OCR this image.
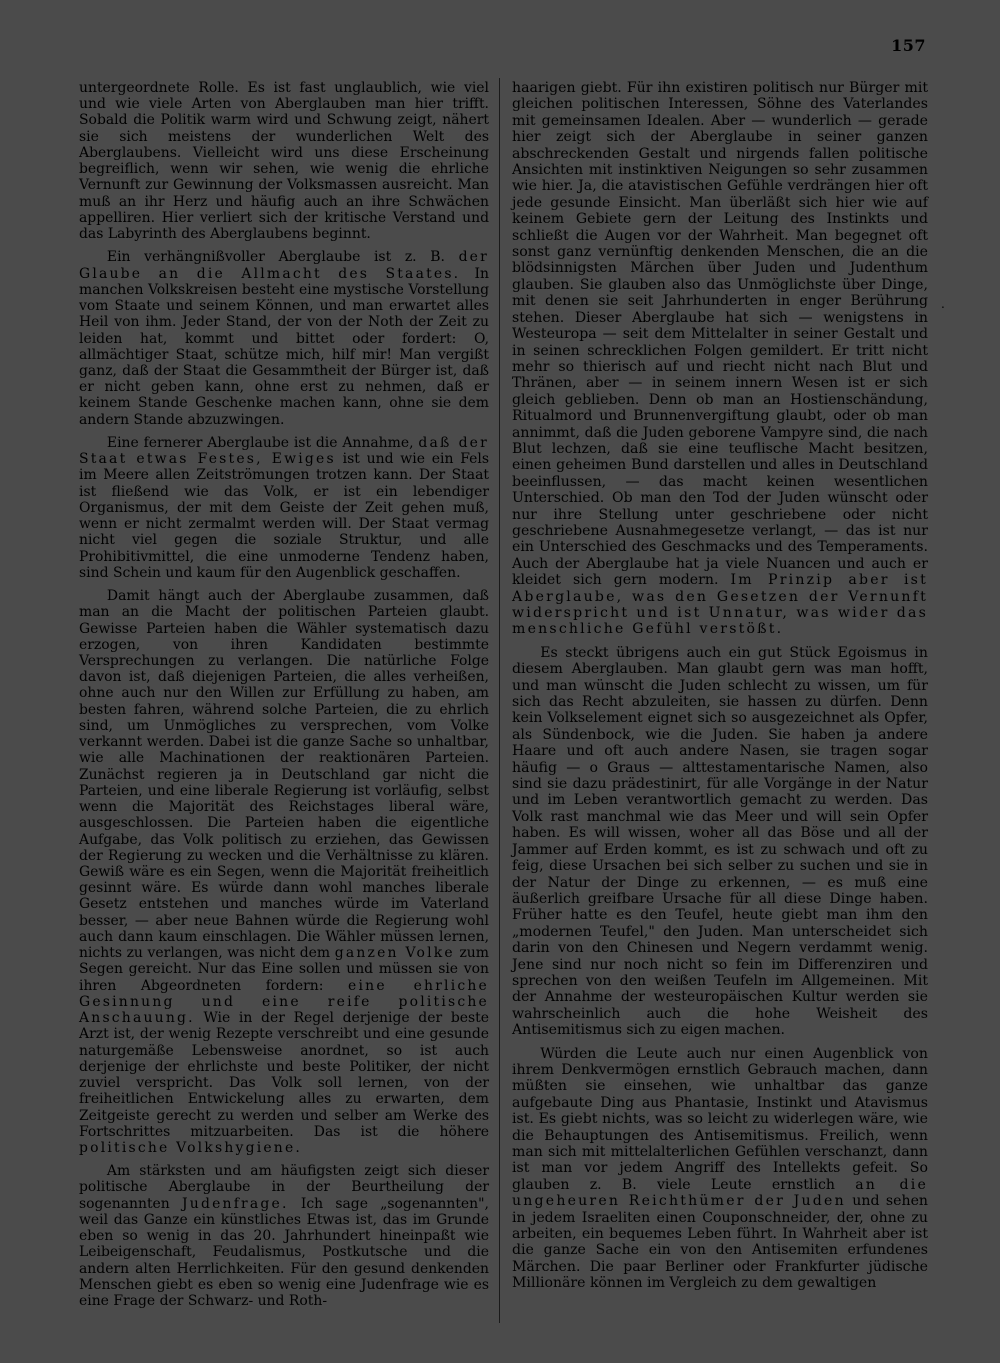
157
.

untergeordnete Rolle. Es ist fast unglaublich, wie viel und wie viele Arten von Aberglauben man hier trifft. Sobald die Politik warm wird und Schwung zeigt, nähert sie sich meistens der wunderlichen Welt des Aberglaubens. Vielleicht wird uns diese Erscheinung begreiflich, wenn wir sehen, wie wenig die ehrliche Vernunft zur Gewinnung der Volksmassen ausreicht. Man muß an ihr Herz und häufig auch an ihre Schwächen appelliren. Hier verliert sich der kritische Verstand und das Labyrinth des Aberglaubens beginnt.

Ein verhängnißvoller Aberglaube ist z. B. der Glaube an die Allmacht des Staates. In manchen Volkskreisen besteht eine mystische Vorstellung vom Staate und seinem Können, und man erwartet alles Heil von ihm. Jeder Stand, der von der Noth der Zeit zu leiden hat, kommt und bittet oder fordert: O, allmächtiger Staat, schütze mich, hilf mir! Man vergißt ganz, daß der Staat die Gesammtheit der Bürger ist, daß er nicht geben kann, ohne erst zu nehmen, daß er keinem Stande Geschenke machen kann, ohne sie dem andern Stande abzuzwingen.

Eine fernerer Aberglaube ist die Annahme, daß der Staat etwas Festes, Ewiges ist und wie ein Fels im Meere allen Zeitströmungen trotzen kann. Der Staat ist fließend wie das Volk, er ist ein lebendiger Organismus, der mit dem Geiste der Zeit gehen muß, wenn er nicht zermalmt werden will. Der Staat vermag nicht viel gegen die soziale Struktur, und alle Prohibitivmittel, die eine unmoderne Tendenz haben, sind Schein und kaum für den Augenblick geschaffen.

Damit hängt auch der Aberglaube zusammen, daß man an die Macht der politischen Parteien glaubt. Gewisse Parteien haben die Wähler systematisch dazu erzogen, von ihren Kandidaten bestimmte Versprechungen zu verlangen. Die natürliche Folge davon ist, daß diejenigen Parteien, die alles verheißen, ohne auch nur den Willen zur Erfüllung zu haben, am besten fahren, während solche Parteien, die zu ehrlich sind, um Unmögliches zu versprechen, vom Volke verkannt werden. Dabei ist die ganze Sache so unhaltbar, wie alle Machinationen der reaktionären Parteien. Zunächst regieren ja in Deutschland gar nicht die Parteien, und eine liberale Regierung ist vorläufig, selbst wenn die Majorität des Reichstages liberal wäre, ausgeschlossen. Die Parteien haben die eigentliche Aufgabe, das Volk politisch zu erziehen, das Gewissen der Regierung zu wecken und die Verhältnisse zu klären. Gewiß wäre es ein Segen, wenn die Majorität freiheitlich gesinnt wäre. Es würde dann wohl manches liberale Gesetz entstehen und manches würde im Vaterland besser, — aber neue Bahnen würde die Regierung wohl auch dann kaum einschlagen. Die Wähler müssen lernen, nichts zu verlangen, was nicht dem ganzen Volke zum Segen gereicht. Nur das Eine sollen und müssen sie von ihren Abgeordneten fordern: eine ehrliche Gesinnung und eine reife politische Anschauung. Wie in der Regel derjenige der beste Arzt ist, der wenig Rezepte verschreibt und eine gesunde naturgemäße Lebensweise anordnet, so ist auch derjenige der ehrlichste und beste Politiker, der nicht zuviel verspricht. Das Volk soll lernen, von der freiheitlichen Entwickelung alles zu erwarten, dem Zeitgeiste gerecht zu werden und selber am Werke des Fortschrittes mitzuarbeiten. Das ist die höhere politische Volkshygiene.

Am stärksten und am häufigsten zeigt sich dieser politische Aberglaube in der Beurtheilung der sogenannten Judenfrage. Ich sage „sogenannten", weil das Ganze ein künstliches Etwas ist, das im Grunde eben so wenig in das 20. Jahrhundert hineinpaßt wie Leibeigenschaft, Feudalismus, Postkutsche und die andern alten Herrlichkeiten. Für den gesund denkenden Menschen giebt es eben so wenig eine Judenfrage wie es eine Frage der Schwarz- und Roth-

haarigen giebt. Für ihn existiren politisch nur Bürger mit gleichen politischen Interessen, Söhne des Vaterlandes mit gemeinsamen Idealen. Aber — wunderlich — gerade hier zeigt sich der Aberglaube in seiner ganzen abschreckenden Gestalt und nirgends fallen politische Ansichten mit instinktiven Neigungen so sehr zusammen wie hier. Ja, die atavistischen Gefühle verdrängen hier oft jede gesunde Einsicht. Man überläßt sich hier wie auf keinem Gebiete gern der Leitung des Instinkts und schließt die Augen vor der Wahrheit. Man begegnet oft sonst ganz vernünftig denkenden Menschen, die an die blödsinnigsten Märchen über Juden und Judenthum glauben. Sie glauben also das Unmöglichste über Dinge, mit denen sie seit Jahrhunderten in enger Berührung stehen. Dieser Aberglaube hat sich — wenigstens in Westeuropa — seit dem Mittelalter in seiner Gestalt und in seinen schrecklichen Folgen gemildert. Er tritt nicht mehr so thierisch auf und riecht nicht nach Blut und Thränen, aber — in seinem innern Wesen ist er sich gleich geblieben. Denn ob man an Hostienschändung, Ritualmord und Brunnenvergiftung glaubt, oder ob man annimmt, daß die Juden geborene Vampyre sind, die nach Blut lechzen, daß sie eine teuflische Macht besitzen, einen geheimen Bund darstellen und alles in Deutschland beeinflussen, — das macht keinen wesentlichen Unterschied. Ob man den Tod der Juden wünscht oder nur ihre Stellung unter geschriebene oder nicht geschriebene Ausnahmegesetze verlangt, — das ist nur ein Unterschied des Geschmacks und des Temperaments. Auch der Aberglaube hat ja viele Nuancen und auch er kleidet sich gern modern. Im Prinzip aber ist Aberglaube, was den Gesetzen der Vernunft widerspricht und ist Unnatur, was wider das menschliche Gefühl verstößt.

Es steckt übrigens auch ein gut Stück Egoismus in diesem Aberglauben. Man glaubt gern was man hofft, und man wünscht die Juden schlecht zu wissen, um für sich das Recht abzuleiten, sie hassen zu dürfen. Denn kein Volkselement eignet sich so ausgezeichnet als Opfer, als Sündenbock, wie die Juden. Sie haben ja andere Haare und oft auch andere Nasen, sie tragen sogar häufig — o Graus — alttestamentarische Namen, also sind sie dazu prädestinirt, für alle Vorgänge in der Natur und im Leben verantwortlich gemacht zu werden. Das Volk rast manchmal wie das Meer und will sein Opfer haben. Es will wissen, woher all das Böse und all der Jammer auf Erden kommt, es ist zu schwach und oft zu feig, diese Ursachen bei sich selber zu suchen und sie in der Natur der Dinge zu erkennen, — es muß eine äußerlich greifbare Ursache für all diese Dinge haben. Früher hatte es den Teufel, heute giebt man ihm den „modernen Teufel," den Juden. Man unterscheidet sich darin von den Chinesen und Negern verdammt wenig. Jene sind nur noch nicht so fein im Differenziren und sprechen von den weißen Teufeln im Allgemeinen. Mit der Annahme der westeuropäischen Kultur werden sie wahrscheinlich auch die hohe Weisheit des Antisemitismus sich zu eigen machen.

Würden die Leute auch nur einen Augenblick von ihrem Denkvermögen ernstlich Gebrauch machen, dann müßten sie einsehen, wie unhaltbar das ganze aufgebaute Ding aus Phantasie, Instinkt und Atavismus ist. Es giebt nichts, was so leicht zu widerlegen wäre, wie die Behauptungen des Antisemitismus. Freilich, wenn man sich mit mittelalterlichen Gefühlen verschanzt, dann ist man vor jedem Angriff des Intellekts gefeit. So glauben z. B. viele Leute ernstlich an die ungeheuren Reichthümer der Juden und sehen in jedem Israeliten einen Couponschneider, der, ohne zu arbeiten, ein bequemes Leben führt. In Wahrheit aber ist die ganze Sache ein von den Antisemiten erfundenes Märchen. Die paar Berliner oder Frankfurter jüdische Millionäre können im Vergleich zu dem gewaltigen
